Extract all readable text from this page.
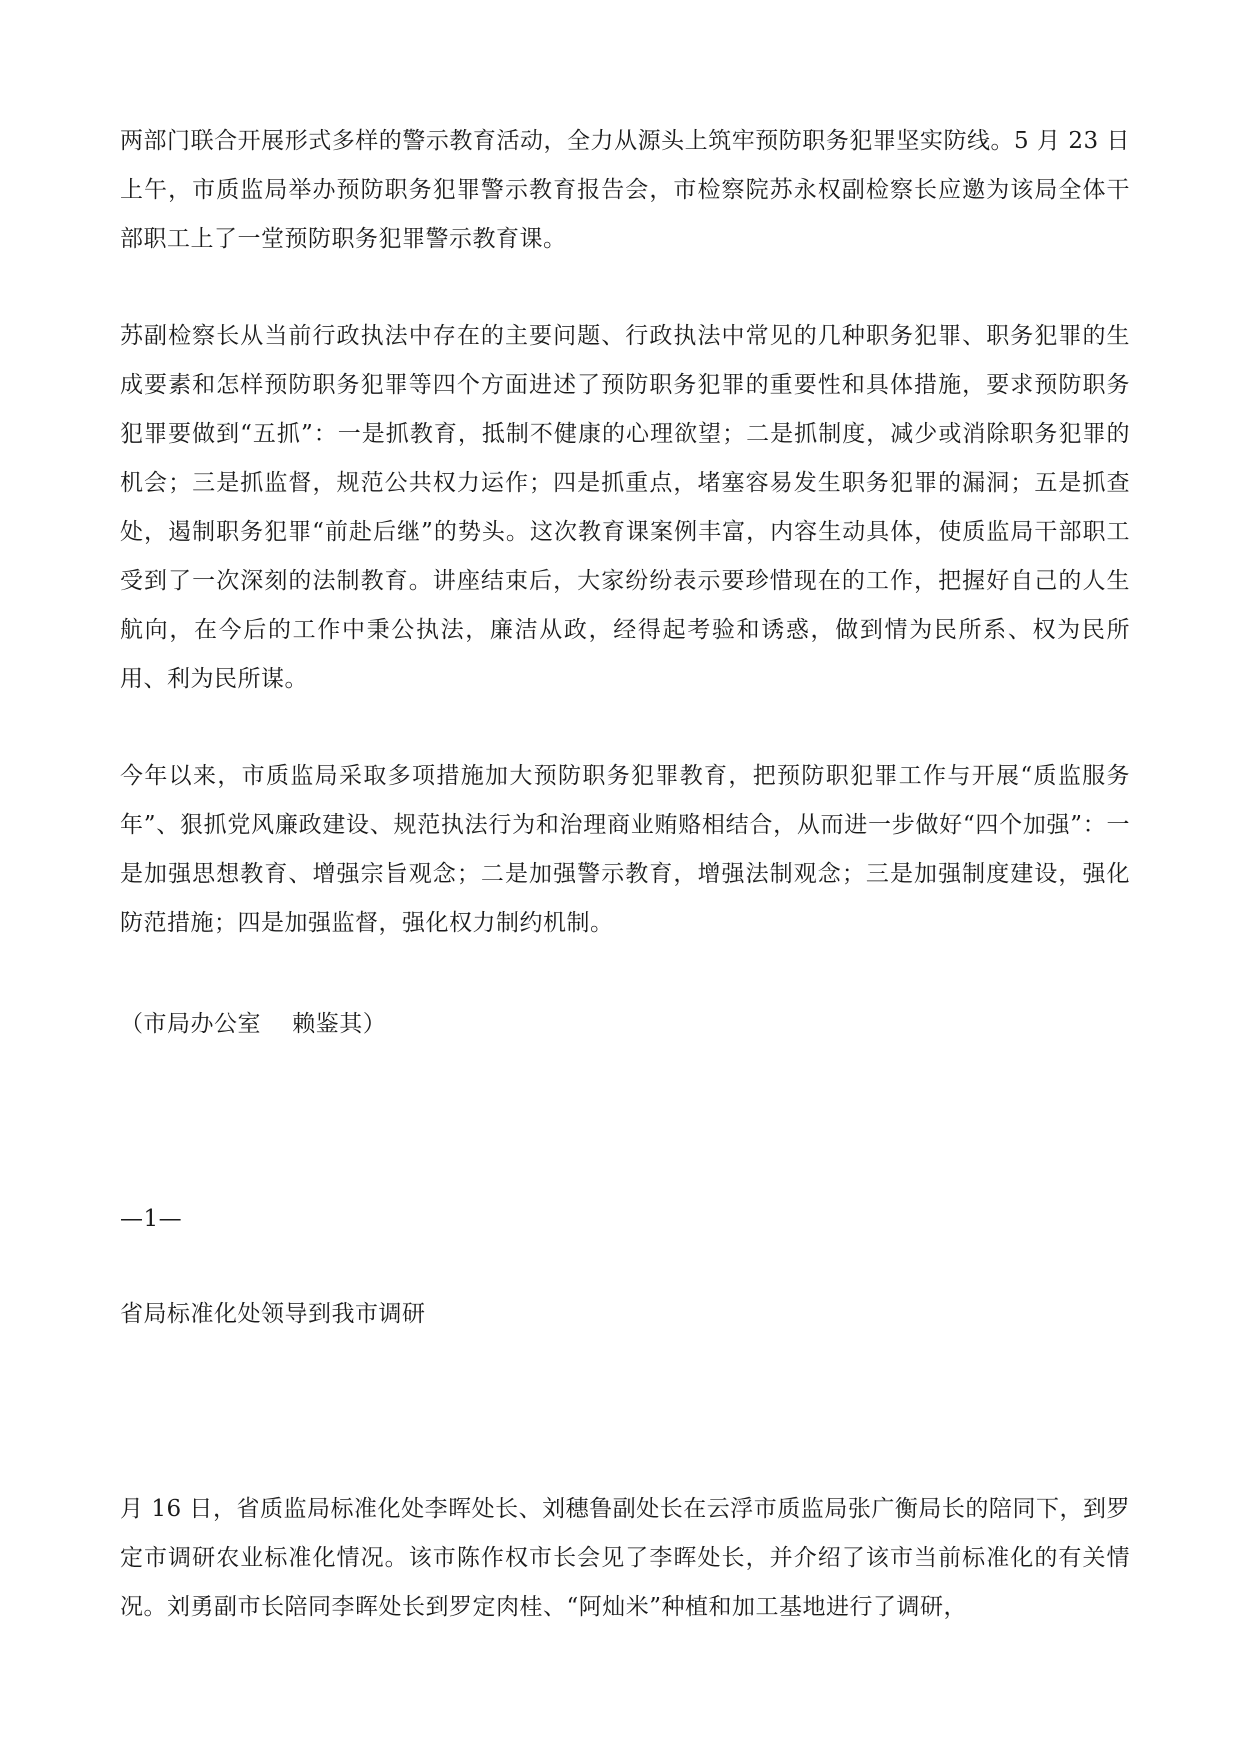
两部门联合开展形式多样的警示教育活动，全力从源头上筑牢预防职务犯罪坚实防线。5 月 23 日上午，市质监局举办预防职务犯罪警示教育报告会，市检察院苏永权副检察长应邀为该局全体干部职工上了一堂预防职务犯罪警示教育课。

苏副检察长从当前行政执法中存在的主要问题、行政执法中常见的几种职务犯罪、职务犯罪的生成要素和怎样预防职务犯罪等四个方面进述了预防职务犯罪的重要性和具体措施，要求预防职务犯罪要做到“五抓”：一是抓教育，抵制不健康的心理欲望；二是抓制度，减少或消除职务犯罪的机会；三是抓监督，规范公共权力运作；四是抓重点，堵塞容易发生职务犯罪的漏洞；五是抓查处，遏制职务犯罪“前赴后继”的势头。这次教育课案例丰富，内容生动具体，使质监局干部职工受到了一次深刻的法制教育。讲座结束后，大家纷纷表示要珍惜现在的工作，把握好自己的人生航向，在今后的工作中秉公执法，廉洁从政，经得起考验和诱惑，做到情为民所系、权为民所用、利为民所谋。

今年以来，市质监局采取多项措施加大预防职务犯罪教育，把预防职犯罪工作与开展“质监服务年”、狠抓党风廉政建设、规范执法行为和治理商业贿赂相结合，从而进一步做好“四个加强”：一是加强思想教育、增强宗旨观念；二是加强警示教育，增强法制观念；三是加强制度建设，强化防范措施；四是加强监督，强化权力制约机制。

（市局办公室　 赖鉴其）

—1—

省局标准化处领导到我市调研

月 16 日，省质监局标准化处李晖处长、刘穗鲁副处长在云浮市质监局张广衡局长的陪同下，到罗定市调研农业标准化情况。该市陈作权市长会见了李晖处长，并介绍了该市当前标准化的有关情况。刘勇副市长陪同李晖处长到罗定肉桂、“阿灿米”种植和加工基地进行了调研，
